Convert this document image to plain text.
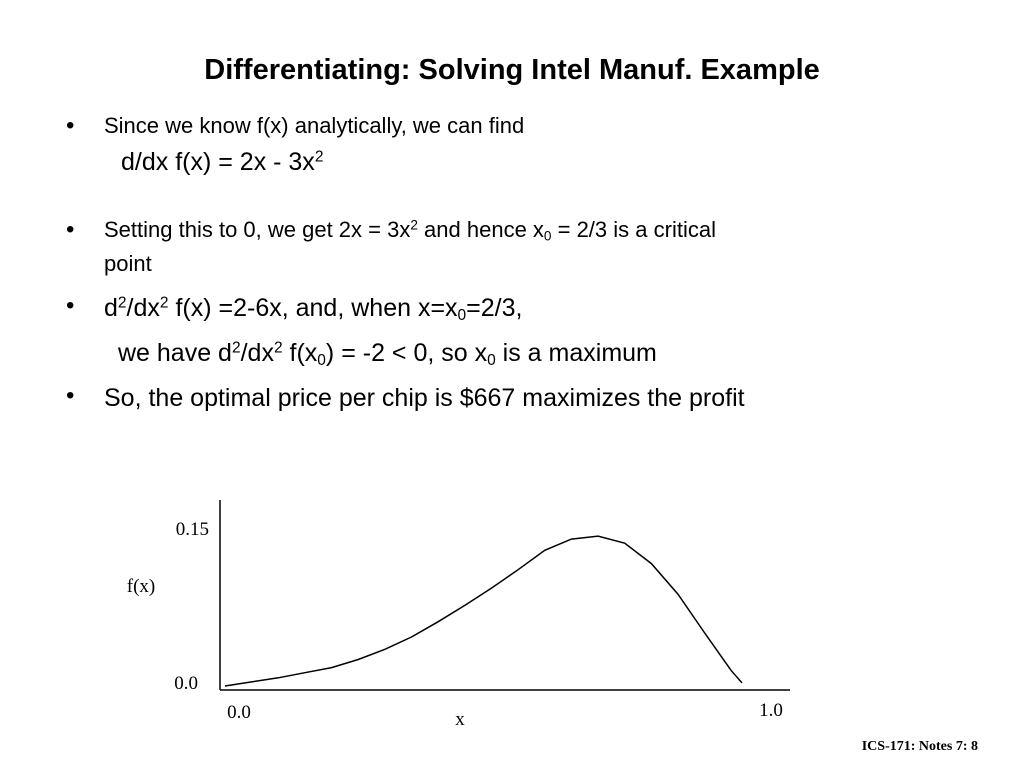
Differentiating: Solving Intel Manuf. Example
• Since we know f(x) analytically, we can find
d/dx $f(x) = 2x - 3x^2$
• Setting this to 0, we get $2x = 3x^2$ and hence $x_0 = 2/3$ is a critical
point
• $d^2/dx^2$ f(x) =2-6x, and, when $x=x_0=2/3$,
we have $d^2/dx^2$ $f(x_0) = -2 < 0$, so $x_0$ is a maximum
• So, the optimal price per chip is $667 maximizes the profit
0.15
0.0
f(x)
0.0	1.0
x
ICS-171: Notes 7: 8
